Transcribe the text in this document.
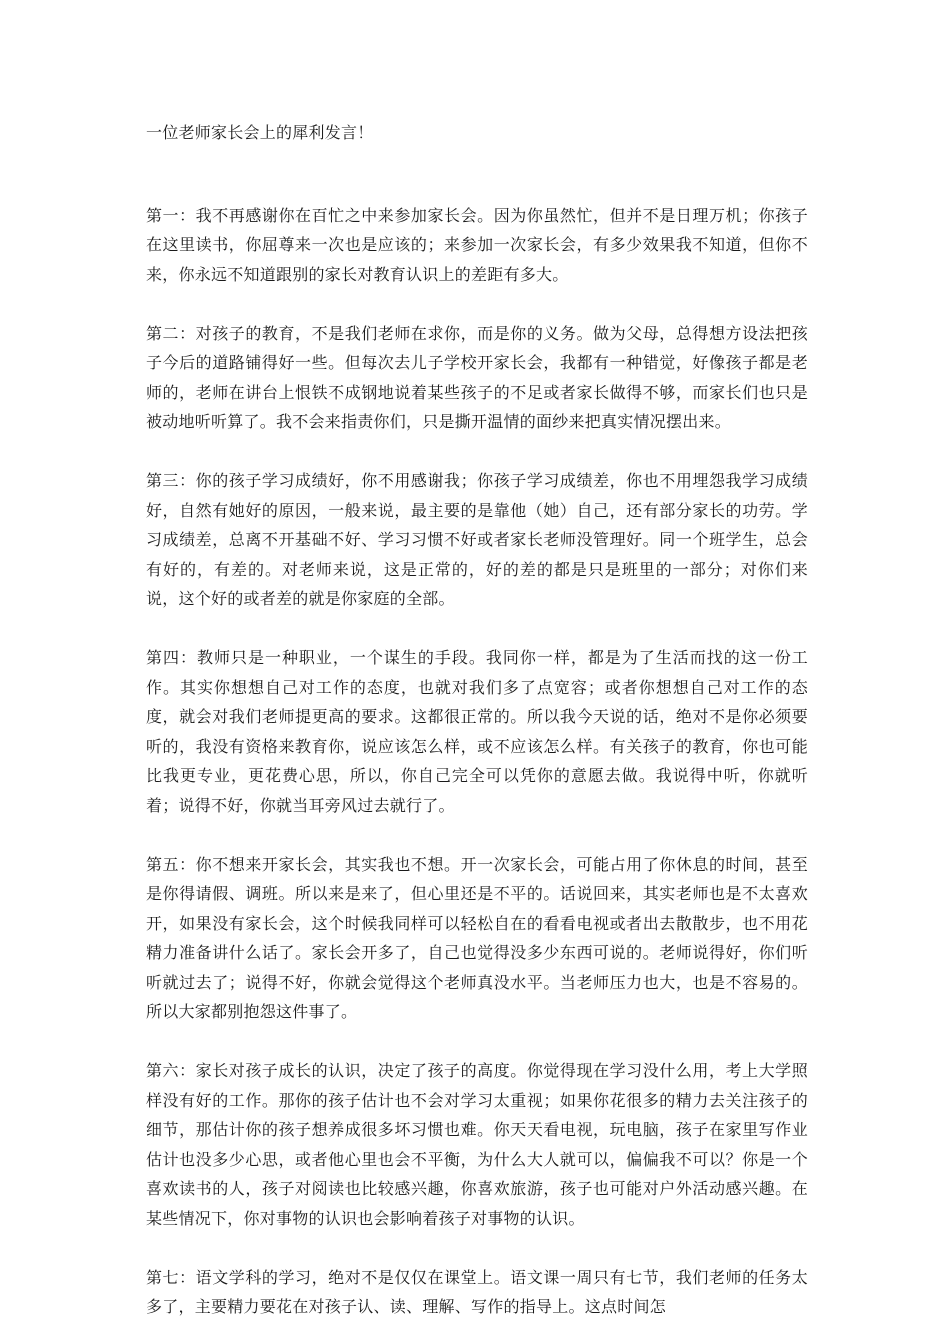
一位老师家长会上的犀利发言！

第一：我不再感谢你在百忙之中来参加家长会。因为你虽然忙，但并不是日理万机；你孩子在这里读书，你屈尊来一次也是应该的；来参加一次家长会，有多少效果我不知道，但你不来，你永远不知道跟别的家长对教育认识上的差距有多大。

第二：对孩子的教育，不是我们老师在求你，而是你的义务。做为父母，总得想方设法把孩子今后的道路铺得好一些。但每次去儿子学校开家长会，我都有一种错觉，好像孩子都是老师的，老师在讲台上恨铁不成钢地说着某些孩子的不足或者家长做得不够，而家长们也只是被动地听听算了。我不会来指责你们，只是撕开温情的面纱来把真实情况摆出来。

第三：你的孩子学习成绩好，你不用感谢我；你孩子学习成绩差，你也不用埋怨我学习成绩好，自然有她好的原因，一般来说，最主要的是靠他（她）自己，还有部分家长的功劳。学习成绩差，总离不开基础不好、学习习惯不好或者家长老师没管理好。同一个班学生，总会有好的，有差的。对老师来说，这是正常的，好的差的都是只是班里的一部分；对你们来说，这个好的或者差的就是你家庭的全部。

第四：教师只是一种职业，一个谋生的手段。我同你一样，都是为了生活而找的这一份工作。其实你想想自己对工作的态度，也就对我们多了点宽容；或者你想想自己对工作的态度，就会对我们老师提更高的要求。这都很正常的。所以我今天说的话，绝对不是你必须要听的，我没有资格来教育你，说应该怎么样，或不应该怎么样。有关孩子的教育，你也可能比我更专业，更花费心思，所以，你自己完全可以凭你的意愿去做。我说得中听，你就听着；说得不好，你就当耳旁风过去就行了。

第五：你不想来开家长会，其实我也不想。开一次家长会，可能占用了你休息的时间，甚至是你得请假、调班。所以来是来了，但心里还是不平的。话说回来，其实老师也是不太喜欢开，如果没有家长会，这个时候我同样可以轻松自在的看看电视或者出去散散步，也不用花精力准备讲什么话了。家长会开多了，自己也觉得没多少东西可说的。老师说得好，你们听听就过去了；说得不好，你就会觉得这个老师真没水平。当老师压力也大，也是不容易的。所以大家都别抱怨这件事了。

第六：家长对孩子成长的认识，决定了孩子的高度。你觉得现在学习没什么用，考上大学照样没有好的工作。那你的孩子估计也不会对学习太重视；如果你花很多的精力去关注孩子的细节，那估计你的孩子想养成很多坏习惯也难。你天天看电视，玩电脑，孩子在家里写作业估计也没多少心思，或者他心里也会不平衡，为什么大人就可以，偏偏我不可以？你是一个喜欢读书的人，孩子对阅读也比较感兴趣，你喜欢旅游，孩子也可能对户外活动感兴趣。在某些情况下，你对事物的认识也会影响着孩子对事物的认识。

第七：语文学科的学习，绝对不是仅仅在课堂上。语文课一周只有七节，我们老师的任务太多了，主要精力要花在对孩子认、读、理解、写作的指导上。这点时间怎
